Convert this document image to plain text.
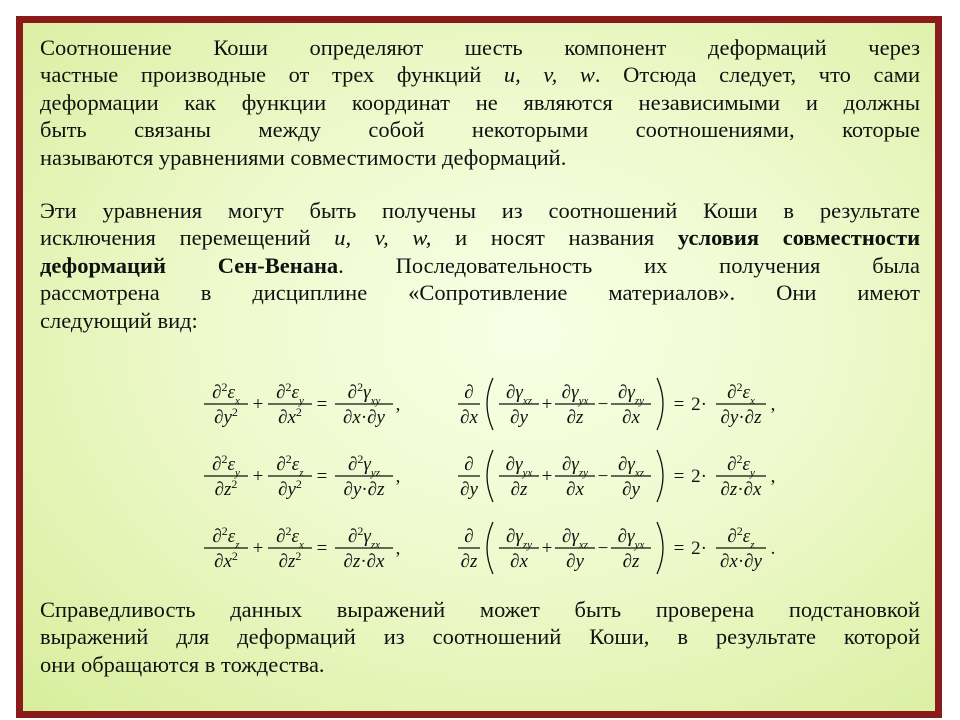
Соотношение Коши определяют шесть компонент деформаций через

частные производные от трех функций u, v, w. Отсюда следует, что сами

деформации как функции координат не являются независимыми и должны

быть связаны между собой некоторыми соотношениями, которые

называются уравнениями совместимости деформаций.

Эти уравнения могут быть получены из соотношений Коши в результате

исключения перемещений u, v, w, и носят названия условия совместности

деформаций Сен-Венана. Последовательность их получения была

рассмотрена в дисциплине «Сопротивление материалов». Они имеют

следующий вид:

Справедливость данных выражений может быть проверена подстановкой

выражений для деформаций из соотношений Коши, в результате которой

они обращаются в тождества.

$\partial^2\varepsilon_x$
$\partial y^2$ +
$\partial^2\varepsilon_y$
$\partial x^2$ =
$\partial^2\gamma_{xy}$
∂x·∂y
,
$\partial^2\varepsilon_y$
$\partial z^2$ +
$\partial^2\varepsilon_z$
$\partial y^2$ =
$\partial^2\gamma_{yz}$
∂y·∂z
,
$\partial^2\varepsilon_z$
$\partial x^2$ +
$\partial^2\varepsilon_x$
$\partial z^2$ =
$\partial^2\gamma_{zx}$
∂z·∂x
,
∂
∂x
$\partial\gamma_{xz}$
∂y
+
$\partial\gamma_{yx}$
∂z
−
$\partial\gamma_{zy}$
∂x
= 2·
$\partial^2\varepsilon_x$
∂y·∂z
,
∂
∂y
$\partial\gamma_{yx}$
∂z
+
$\partial\gamma_{zy}$
∂x
−
$\partial\gamma_{xz}$
∂y
= 2·
$\partial^2\varepsilon_y$
∂z·∂x
,
∂
∂z
$\partial\gamma_{zy}$
∂x
+
$\partial\gamma_{xz}$
∂y
−
$\partial\gamma_{yx}$
∂z
= 2·
$\partial^2\varepsilon_z$
∂x·∂y
.
